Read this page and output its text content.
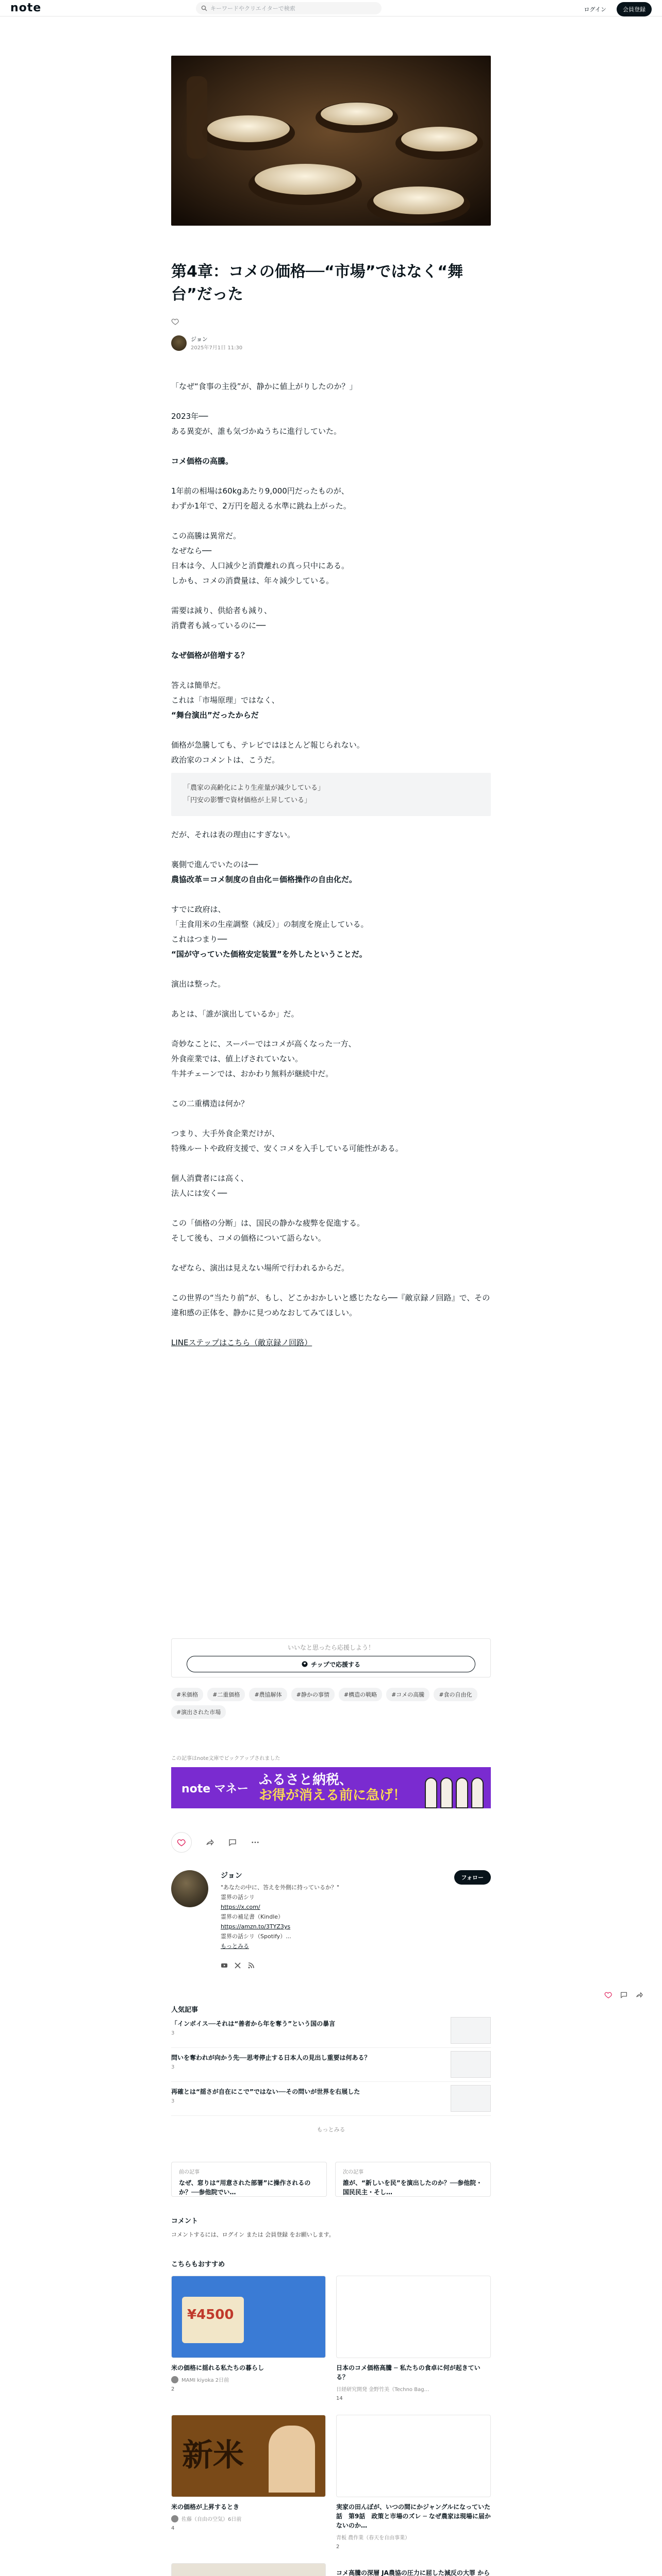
note	キーワードやクリエイターで検索	ログイン	会員登録
第4章：コメの価格──“市場”ではなく“舞台”だった
ジョン
2025年7月1日 11:30

「なぜ“食事の主役”が、静かに値上がりしたのか？」

2023年──

ある異変が、誰も気づかぬうちに進行していた。

コメ価格の高騰。

1年前の相場は60kgあたり9,000円だったものが、

わずか1年で、2万円を超える水準に跳ね上がった。

この高騰は異常だ。

なぜなら──

日本は今、人口減少と消費離れの真っ只中にある。

しかも、コメの消費量は、年々減少している。

需要は減り、供給者も減り、

消費者も減っているのに──

なぜ価格が倍増する？

答えは簡単だ。

これは「市場原理」ではなく、

“舞台演出”だったからだ

価格が急騰しても、テレビではほとんど報じられない。

政治家のコメントは、こうだ。

「農家の高齢化により生産量が減少している」
「円安の影響で資材価格が上昇している」

だが、それは表の理由にすぎない。

裏側で進んでいたのは──

農協改革＝コメ制度の自由化＝価格操作の自由化だ。

すでに政府は、

「主食用米の生産調整（減反）」の制度を廃止している。

これはつまり──

“国が守っていた価格安定装置”を外したということだ。

演出は整った。

あとは、「誰が演出しているか」だ。

奇妙なことに、スーパーではコメが高くなった一方、

外食産業では、値上げされていない。

牛丼チェーンでは、おかわり無料が継続中だ。

この二重構造は何か？

つまり、大手外食企業だけが、

特殊ルートや政府支援で、安くコメを入手している可能性がある。

個人消費者には高く、

法人には安く──

この「価格の分断」は、国民の静かな疲弊を促進する。

そして後も、コメの価格について語らない。

なぜなら、演出は見えない場所で行われるからだ。

この世界の“当たり前”が、もし、どこかおかしいと感じたなら──『敵京録ノ回路』で、その違和感の正体を、静かに見つめなおしてみてほしい。

LINEステップはこちら（敵京録ノ回路）

いいなと思ったら応援しよう！
チップで応援する
#米価格	#二重価格	#農協解体	#静かの事情	#構造の戦略	#コメの高騰	#食の自由化
#演出された市場
この記事はnote文庫でピックアップされました
note マネー
ふるさと納税、
お得が消える前に急げ！
ジョン	フォロー
"あなたの中に、答えを外側に持っているか？"
霊界の話シリ
https://x.com/
霊界の補足書（Kindle）
https://amzn.to/3TYZ3ys
霊界の話シリ（Spotify）...
もっとみる
人気記事
「インボイス──それは“善者から年を奪う”という国の暴言
3
問いを奪われが向かう先──思考停止する日本人の見出し重要は何ある？
3
再確とは“揺さが自在にこで”ではない──その問いが世界を右展した
3
もっとみる
前の記事
なぜ、窓りは“用意された部署”に操作されるのか？──参他院でい…
次の記事
誰が、“新しいを民”を演出したのか？──参他院・国民民主・そし…
コメント
コメントするには、ログイン または 会員登録 をお願いします。
こちらもおすすめ
¥4500
米の価格に揺れる私たちの暮らし
MAMI kiyoka 2日前
2
日本のコメ価格高騰 ─ 私たちの食卓に何が起きている？
日経研究開発 金野竹美（Techno Bag…
14
新米
米の価格が上昇するとき
佐藤（自由の空気）6日前
4
実家の田んぼが、いつの間にかジャングルになっていた話　第9話　政策と市場のズレ ─ なぜ農家は現場に届かないのか…
青板 農作業（春天を自由事業）
2
コメ高騰の深層 JA農協の圧力に屈した減反の大罪 から
